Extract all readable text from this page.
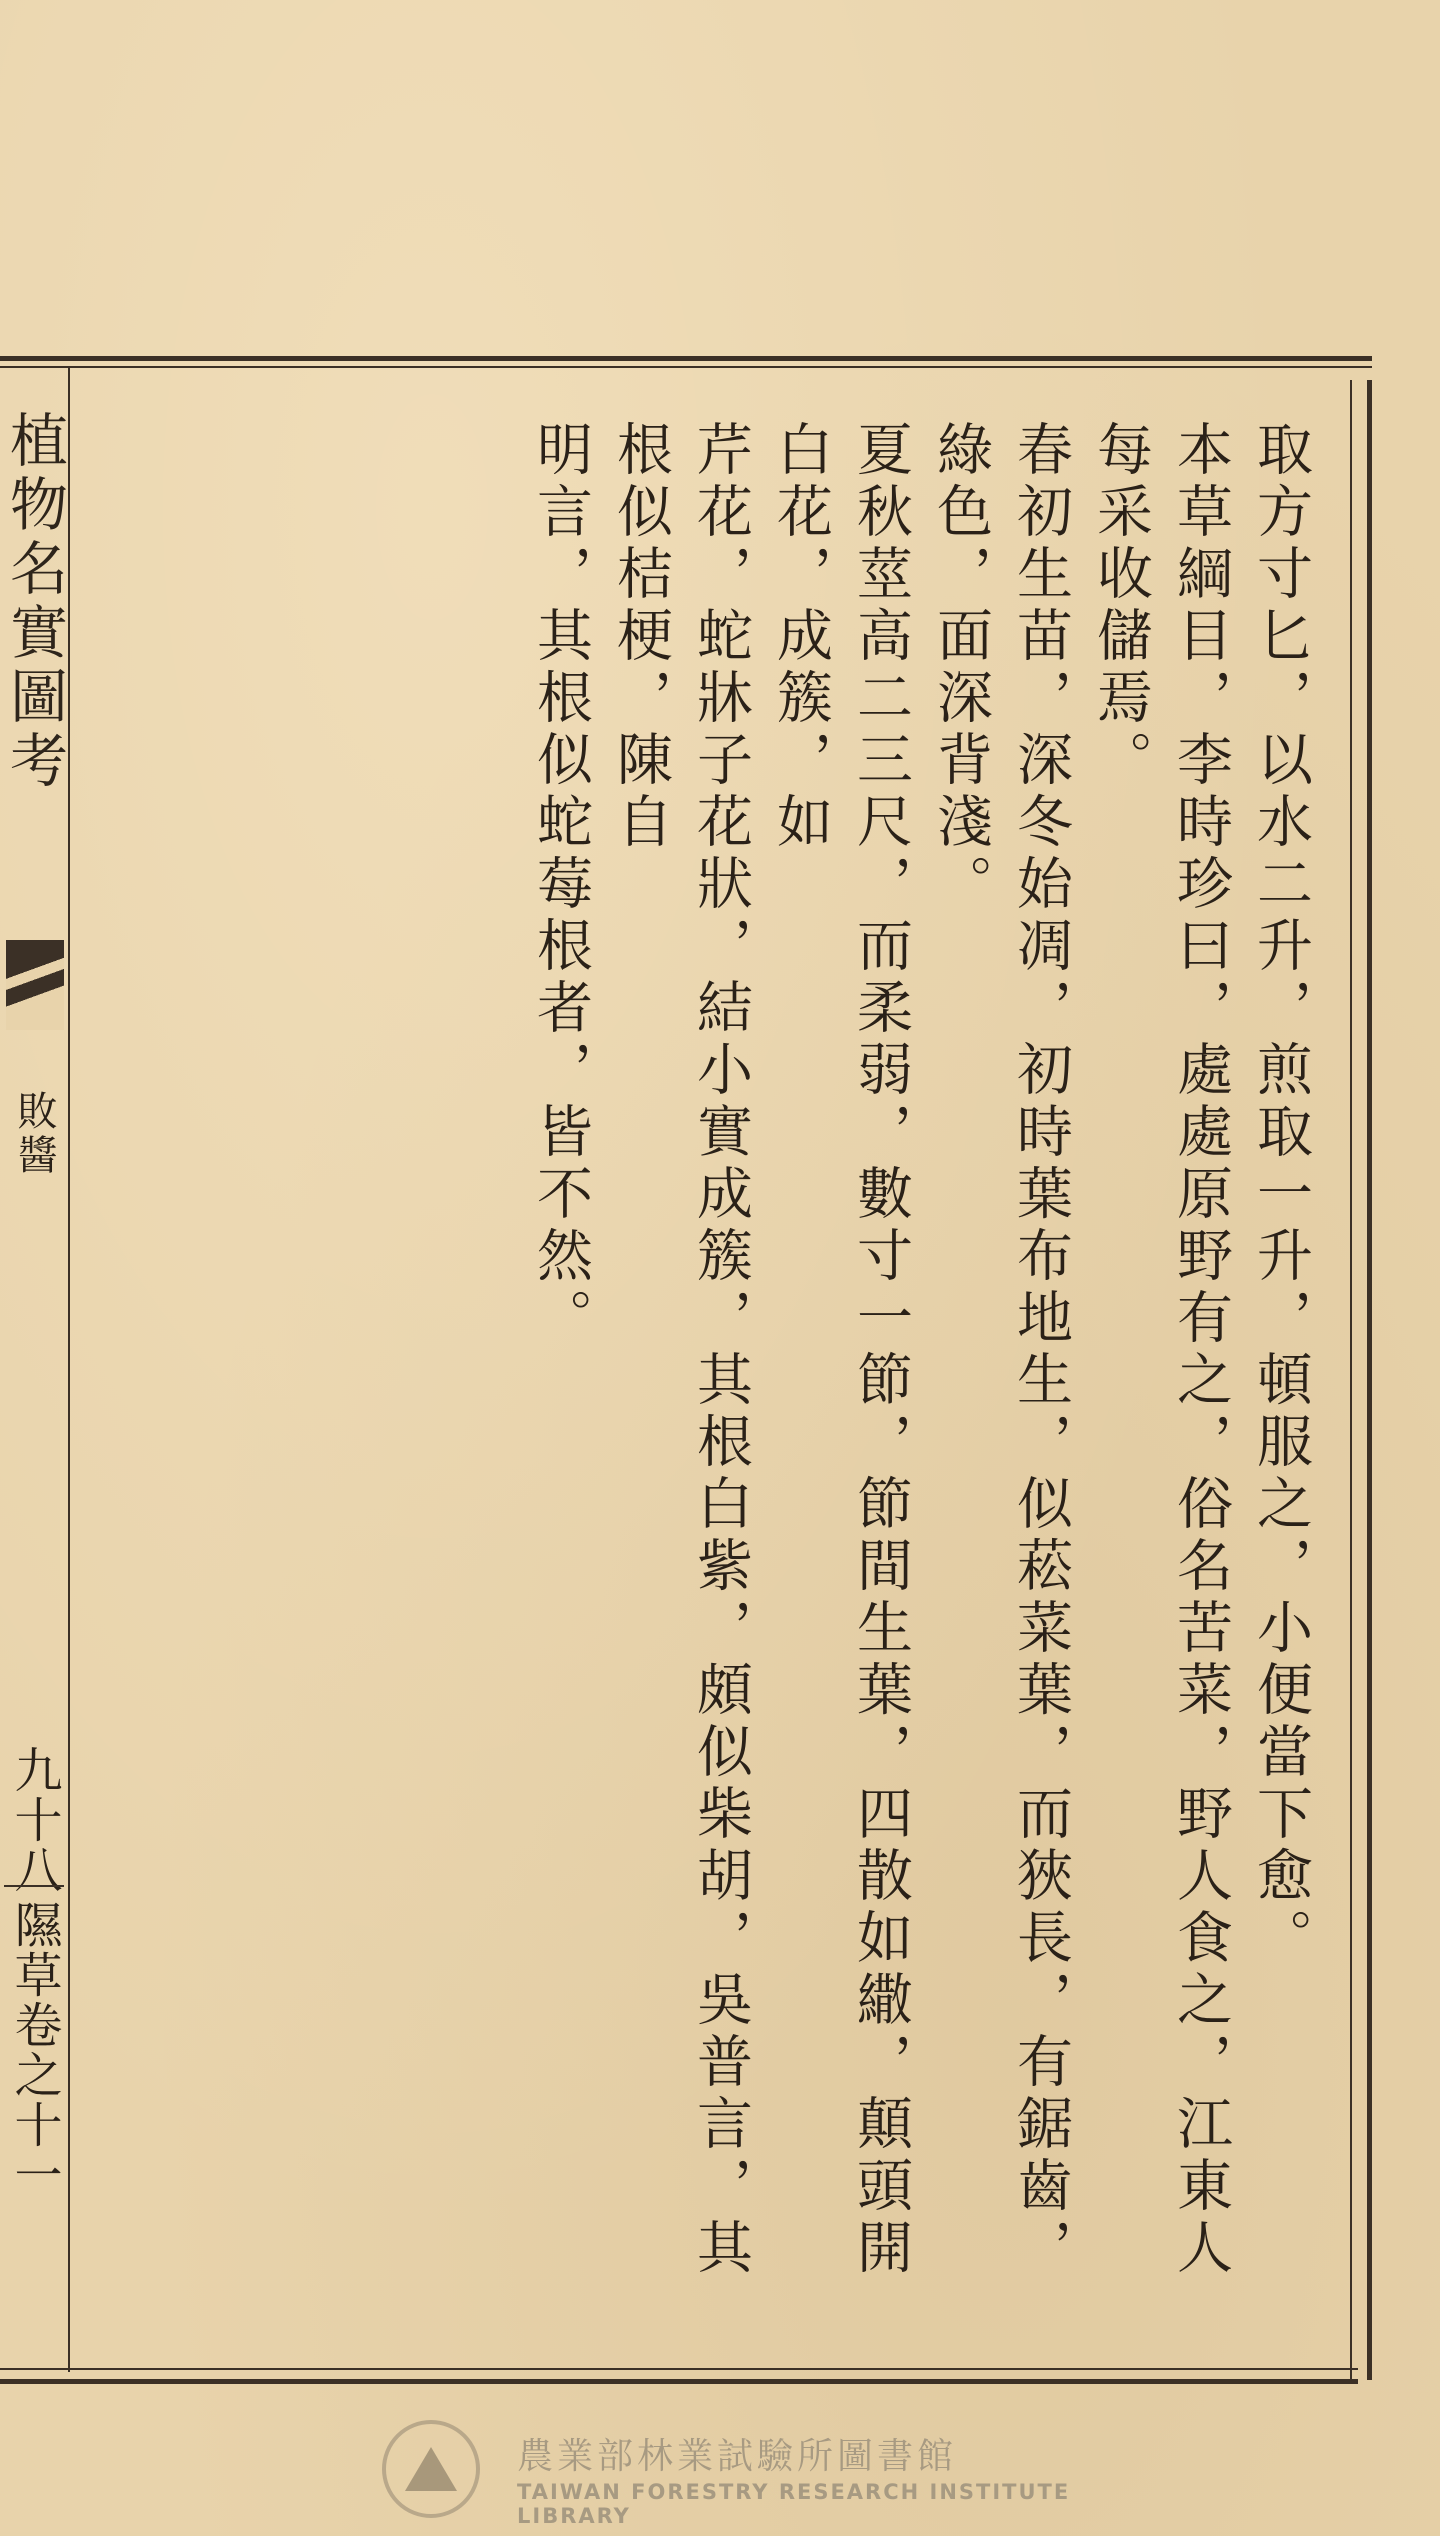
植物名實圖考
敗醬
九十八
隰草卷之十一

取方寸匕，以水二升，煎取一升，頓服之，小便當下愈。

本草綱目，李時珍曰，處處原野有之，俗名苦菜，野人食之，江東人每采收儲焉。

春初生苗，深冬始凋，初時葉布地生，似菘菜葉，而狹長，有鋸齒，綠色，面深背淺。

夏秋莖高二三尺，而柔弱，數寸一節，節間生葉，四散如繖，顛頭開白花，成簇，如

芹花，蛇牀子花狀，結小實成簇，其根白紫，頗似柴胡，吳普言，其根似桔梗，陳自

明言，其根似蛇莓根者，皆不然。

農業部林業試驗所圖書館
TAIWAN FORESTRY RESEARCH INSTITUTE LIBRARY
